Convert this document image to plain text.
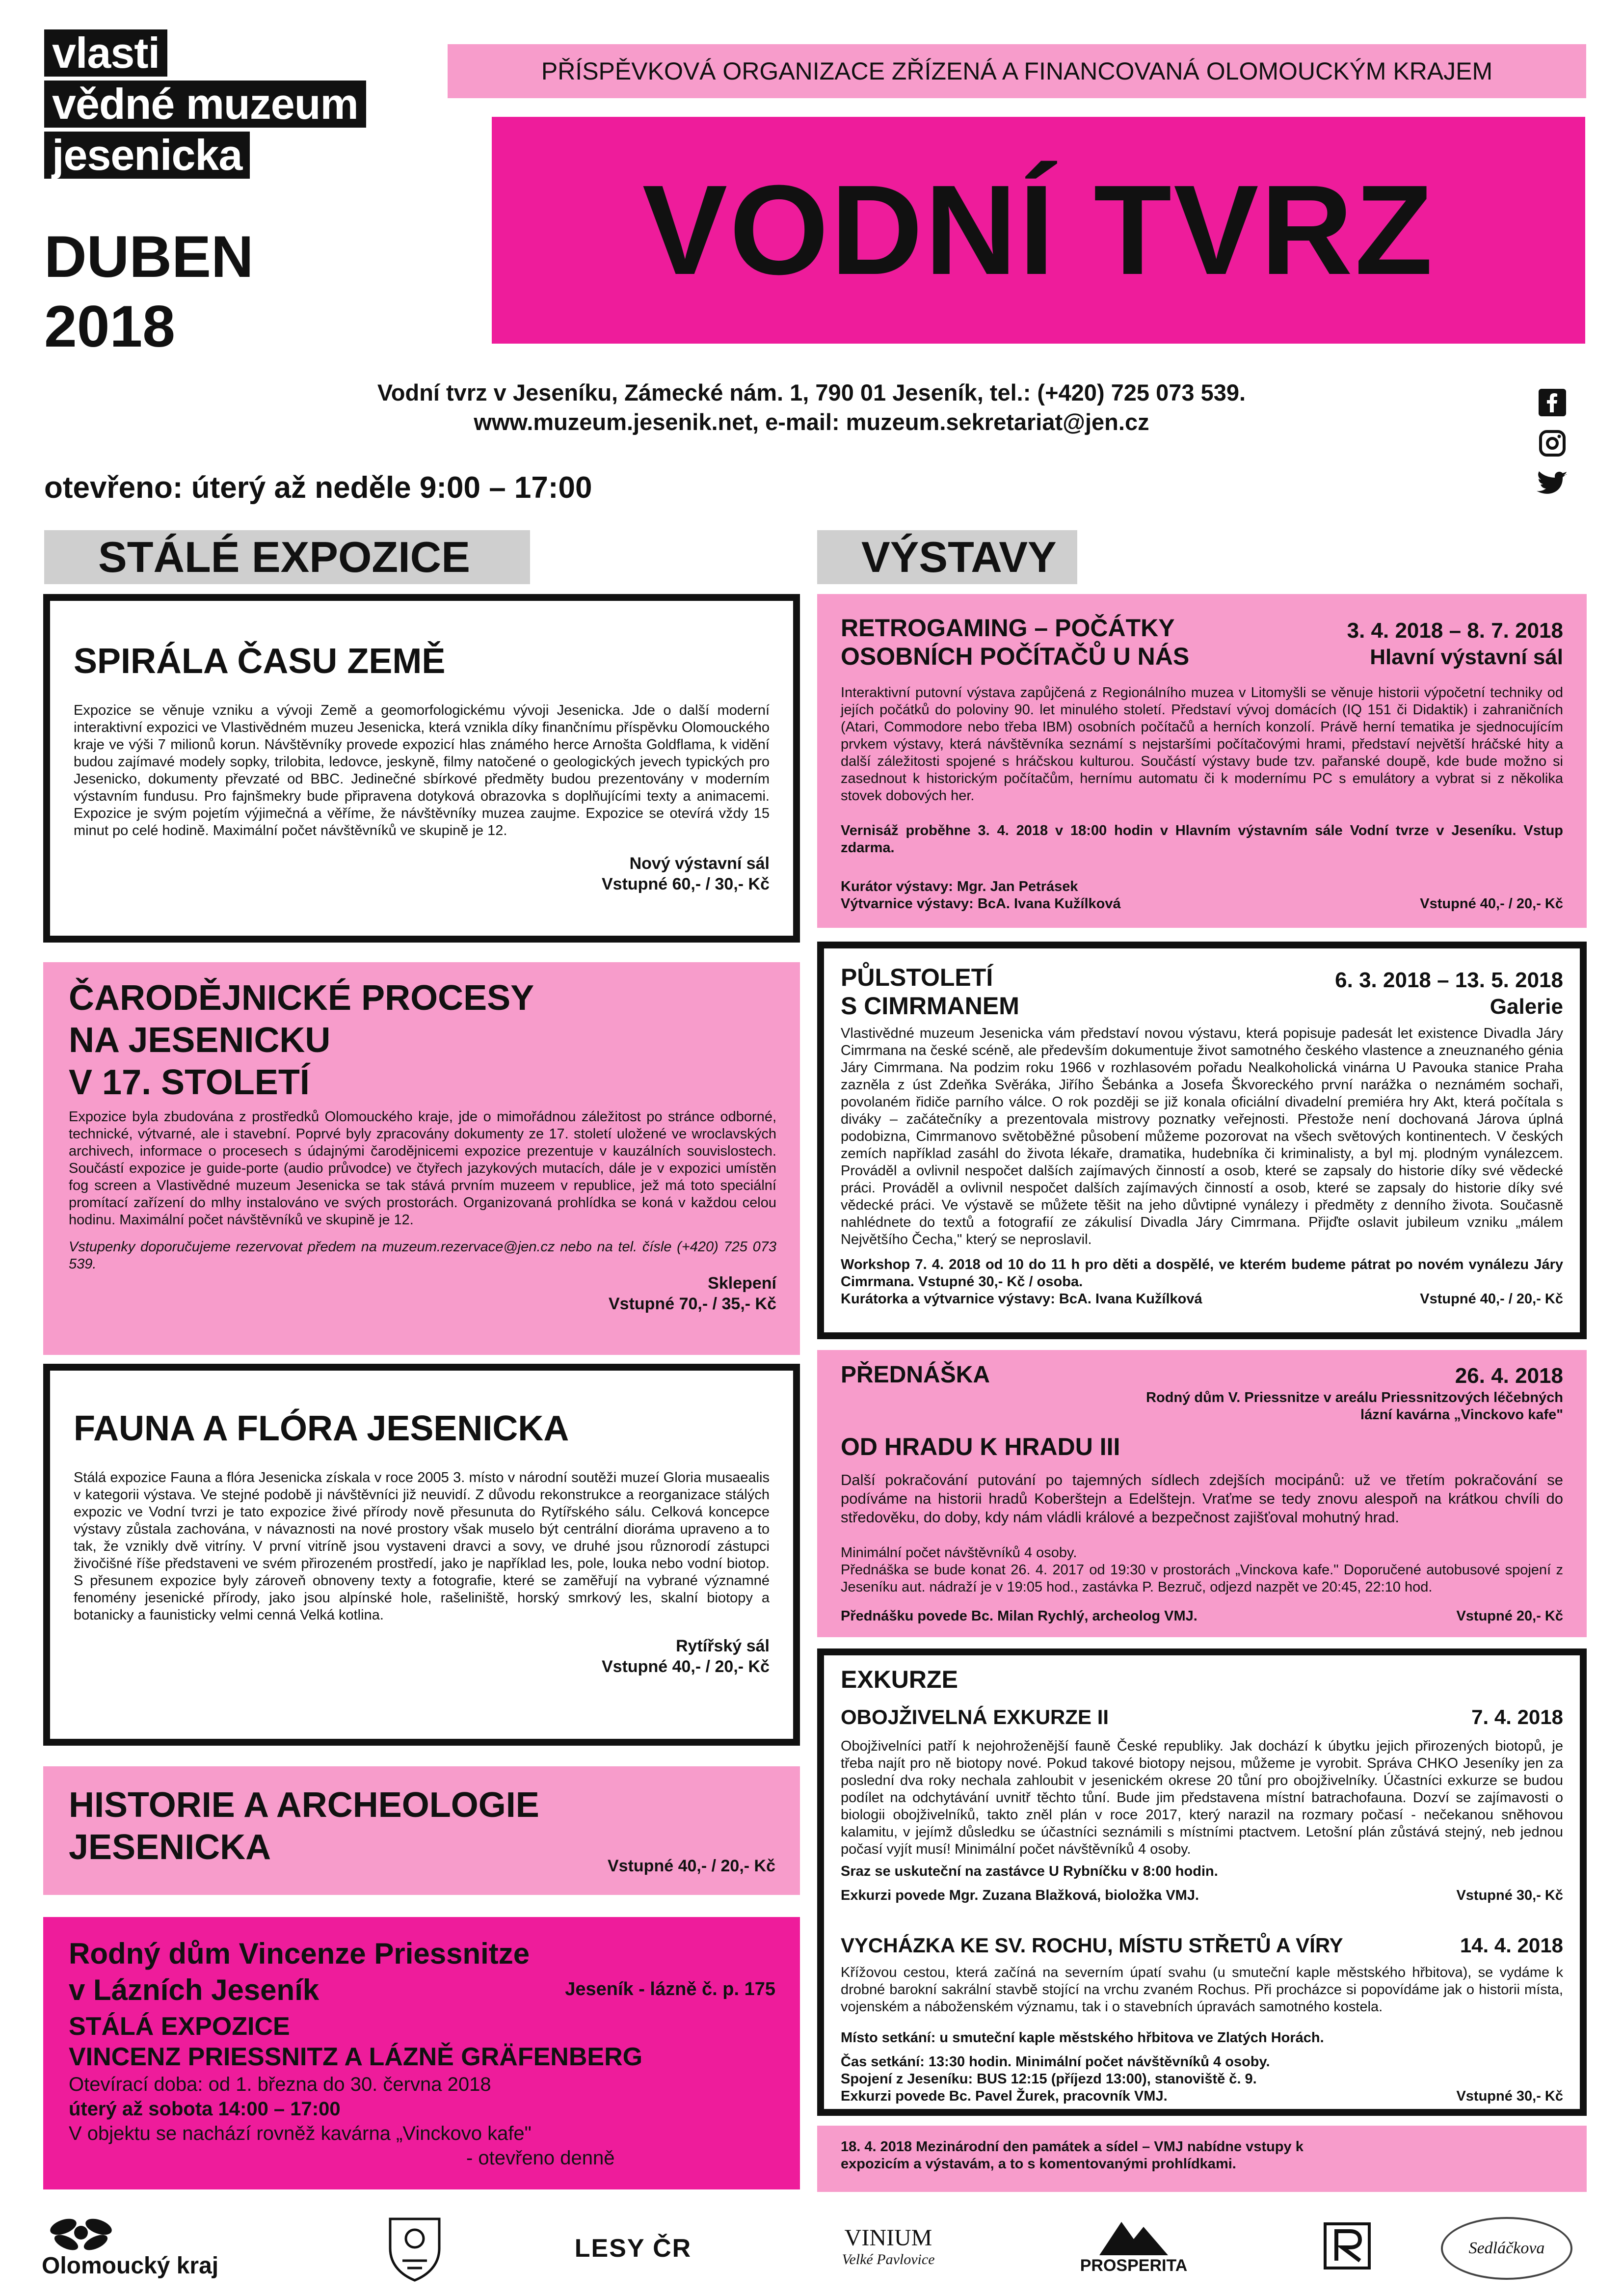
vlasti
vědné muzeum
jesenicka
DUBEN
2018
PŘÍSPĚVKOVÁ ORGANIZACE ZŘÍZENÁ A FINANCOVANÁ OLOMOUCKÝM KRAJEM
VODNÍ TVRZ
Vodní tvrz v Jeseníku, Zámecké nám. 1, 790 01 Jeseník, tel.: (+420) 725 073 539.
www.muzeum.jesenik.net, e-mail: muzeum.sekretariat@jen.cz
otevřeno: úterý až neděle 9:00 – 17:00
STÁLÉ EXPOZICE	VÝSTAVY
SPIRÁLA ČASU ZEMĚ
Expozice se věnuje vzniku a vývoji Země a geomorfologickému vývoji Jesenicka. Jde o další moderní interaktivní expozici ve Vlastivědném muzeu Jesenicka, která vznikla díky finančnímu příspěvku Olomouckého kraje ve výši 7 milionů korun. Návštěvníky provede expozicí hlas známého herce Arnošta Goldflama, k vidění budou zajímavé modely sopky, trilobita, ledovce, jeskyně, filmy natočené o geologických jevech typických pro Jesenicko, dokumenty převzaté od BBC. Jedinečné sbírkové předměty budou prezentovány v moderním výstavním fundusu. Pro fajnšmekry bude připravena dotyková obrazovka s doplňujícími texty a animacemi. Expozice je svým pojetím výjimečná a věříme, že návštěvníky muzea zaujme. Expozice se otevírá vždy 15 minut po celé hodině. Maximální počet návštěvníků ve skupině je 12.
Nový výstavní sál
Vstupné 60,- / 30,- Kč
ČARODĚJNICKÉ PROCESY
NA JESENICKU
V 17. STOLETÍ
Expozice byla zbudována z prostředků Olomouckého kraje, jde o mimořádnou záležitost po stránce odborné, technické, výtvarné, ale i stavební. Poprvé byly zpracovány dokumenty ze 17. století uložené ve wroclavských archivech, informace o procesech s údajnými čarodějnicemi expozice prezentuje v kauzálních souvislostech. Součástí expozice je guide-porte (audio průvodce) ve čtyřech jazykových mutacích, dále je v expozici umístěn fog screen a Vlastivědné muzeum Jesenicka se tak stává prvním muzeem v republice, jež má toto speciální promítací zařízení do mlhy instalováno ve svých prostorách. Organizovaná prohlídka se koná v každou celou hodinu. Maximální počet návštěvníků ve skupině je 12.
Vstupenky doporučujeme rezervovat předem na muzeum.rezervace@jen.cz nebo na tel. čísle (+420) 725 073 539.
Sklepení
Vstupné 70,- / 35,- Kč
FAUNA A FLÓRA JESENICKA
Stálá expozice Fauna a flóra Jesenicka získala v roce 2005 3. místo v národní soutěži muzeí Gloria musaealis v kategorii výstava. Ve stejné podobě ji návštěvníci již neuvidí. Z důvodu rekonstrukce a reorganizace stálých expozic ve Vodní tvrzi je tato expozice živé přírody nově přesunuta do Rytířského sálu. Celková koncepce výstavy zůstala zachována, v návaznosti na nové prostory však muselo být centrální dioráma upraveno a to tak, že vznikly dvě vitríny. V první vitríně jsou vystaveni dravci a sovy, ve druhé jsou různorodí zástupci živočišné říše představeni ve svém přirozeném prostředí, jako je například les, pole, louka nebo vodní biotop. S přesunem expozice byly zároveň obnoveny texty a fotografie, které se zaměřují na vybrané významné fenomény jesenické přírody, jako jsou alpínské hole, rašeliniště, horský smrkový les, skalní biotopy a botanicky a faunisticky velmi cenná Velká kotlina.
Rytířský sál
Vstupné 40,- / 20,- Kč
HISTORIE A ARCHEOLOGIE
JESENICKA	Vstupné 40,- / 20,- Kč
Rodný dům Vincenze Priessnitze
v Lázních Jeseník	Jeseník - lázně č. p. 175
STÁLÁ EXPOZICE
VINCENZ PRIESSNITZ A LÁZNĚ GRÄFENBERG
Otevírací doba: od 1. března do 30. června 2018
úterý až sobota 14:00 – 17:00
V objektu se nachází rovněž kavárna „Vinckovo kafe"
- otevřeno denně
RETROGAMING – POČÁTKY
OSOBNÍCH POČÍTAČŮ U NÁS
3. 4. 2018 – 8. 7. 2018
Hlavní výstavní sál
Interaktivní putovní výstava zapůjčená z Regionálního muzea v Litomyšli se věnuje historii výpočetní techniky od jejích počátků do poloviny 90. let minulého století. Představí vývoj domácích (IQ 151 či Didaktik) i zahraničních (Atari, Commodore nebo třeba IBM) osobních počítačů a herních konzolí. Právě herní tematika je sjednocujícím prvkem výstavy, která návštěvníka seznámí s nejstaršími počítačovými hrami, představí největší hráčské hity a další záležitosti spojené s hráčskou kulturou. Součástí výstavy bude tzv. pařanské doupě, kde bude možno si zasednout k historickým počítačům, hernímu automatu či k modernímu PC s emulátory a vybrat si z několika stovek dobových her.
Vernisáž proběhne 3. 4. 2018 v 18:00 hodin v Hlavním výstavním sále Vodní tvrze v Jeseníku. Vstup zdarma.
Kurátor výstavy: Mgr. Jan Petrásek
Výtvarnice výstavy: BcA. Ivana Kužílková	Vstupné 40,- / 20,- Kč
PŮLSTOLETÍ
S CIMRMANEM
6. 3. 2018 – 13. 5. 2018
Galerie
Vlastivědné muzeum Jesenicka vám představí novou výstavu, která popisuje padesát let existence Divadla Járy Cimrmana na české scéně, ale především dokumentuje život samotného českého vlastence a zneuznaného génia Járy Cimrmana. Na podzim roku 1966 v rozhlasovém pořadu Nealkoholická vinárna U Pavouka stanice Praha zazněla z úst Zdeňka Svěráka, Jiřího Šebánka a Josefa Škvoreckého první narážka o neznámém sochaři, povolaném řidiče parního válce. O rok později se již konala oficiální divadelní premiéra hry Akt, která počítala s diváky – začátečníky a prezentovala mistrovy poznatky veřejnosti. Přestože není dochovaná Járova úplná podobizna, Cimrmanovo světoběžné působení můžeme pozorovat na všech světových kontinentech. V českých zemích například zasáhl do života lékaře, dramatika, hudebníka či kriminalisty, a byl mj. plodným vynálezcem. Prováděl a ovlivnil nespočet dalších zajímavých činností a osob, které se zapsaly do historie díky své vědecké práci. Prováděl a ovlivnil nespočet dalších zajímavých činností a osob, které se zapsaly do historie díky své vědecké práci. Ve výstavě se můžete těšit na jeho důvtipné vynálezy i předměty z denního života. Současně nahlédnete do textů a fotografií ze zákulisí Divadla Járy Cimrmana. Přijďte oslavit jubileum vzniku „málem Největšího Čecha," který se neproslavil.
Workshop 7. 4. 2018 od 10 do 11 h pro děti a dospělé, ve kterém budeme pátrat po novém vynálezu Járy Cimrmana. Vstupné 30,- Kč / osoba.
Kurátorka a výtvarnice výstavy: BcA. Ivana Kužílková	Vstupné 40,- / 20,- Kč
PŘEDNÁŠKA	26. 4. 2018
Rodný dům V. Priessnitze v areálu Priessnitzových léčebných lázní kavárna „Vinckovo kafe"
OD HRADU K HRADU III
Další pokračování putování po tajemných sídlech zdejších mocipánů: už ve třetím pokračování se podíváme na historii hradů Koberštejn a Edelštejn. Vraťme se tedy znovu alespoň na krátkou chvíli do středověku, do doby, kdy nám vládli králové a bezpečnost zajišťoval mohutný hrad.
Minimální počet návštěvníků 4 osoby.
Přednáška se bude konat 26. 4. 2017 od 19:30 v prostorách „Vinckova kafe." Doporučené autobusové spojení z Jeseníku aut. nádraží je v 19:05 hod., zastávka P. Bezruč, odjezd nazpět ve 20:45, 22:10 hod.
Přednášku povede Bc. Milan Rychlý, archeolog VMJ.	Vstupné 20,- Kč
EXKURZE
OBOJŽIVELNÁ EXKURZE II	7. 4. 2018
Obojživelníci patří k nejohroženější fauně České republiky. Jak dochází k úbytku jejich přirozených biotopů, je třeba najít pro ně biotopy nové. Pokud takové biotopy nejsou, můžeme je vyrobit. Správa CHKO Jeseníky jen za poslední dva roky nechala zahloubit v jesenickém okrese 20 tůní pro obojživelníky. Účastníci exkurze se budou podílet na odchytávání uvnitř těchto tůní. Bude jim představena místní batrachofauna. Dozví se zajímavosti o biologii obojživelníků, takto zněl plán v roce 2017, který narazil na rozmary počasí - nečekanou sněhovou kalamitu, v jejímž důsledku se účastníci seznámili s místními ptactvem. Letošní plán zůstává stejný, neb jednou počasí vyjít musí! Minimální počet návštěvníků 4 osoby.
Sraz se uskuteční na zastávce U Rybníčku v 8:00 hodin.
Exkurzi povede Mgr. Zuzana Blažková, bioložka VMJ.	Vstupné 30,- Kč
VYCHÁZKA KE SV. ROCHU, MÍSTU STŘETŮ A VÍRY	14. 4. 2018
Křížovou cestou, která začíná na severním úpatí svahu (u smuteční kaple městského hřbitova), se vydáme k drobné barokní sakrální stavbě stojící na vrchu zvaném Rochus. Při procházce si popovídáme jak o historii místa, vojenském a náboženském významu, tak i o stavebních úpravách samotného kostela.
Místo setkání: u smuteční kaple městského hřbitova ve Zlatých Horách.
Čas setkání: 13:30 hodin. Minimální počet návštěvníků 4 osoby.
Spojení z Jeseníku: BUS 12:15 (příjezd 13:00), stanoviště č. 9.
Exkurzi povede Bc. Pavel Žurek, pracovník VMJ.	Vstupné 30,- Kč
18. 4. 2018 Mezinárodní den památek a sídel – VMJ nabídne vstupy k expozicím a výstavám, a to s komentovanými prohlídkami.
Olomoucký kraj
LESY ČR	VINIUM
Velké Pavlovice	PROSPERITA
Sedláčkova
